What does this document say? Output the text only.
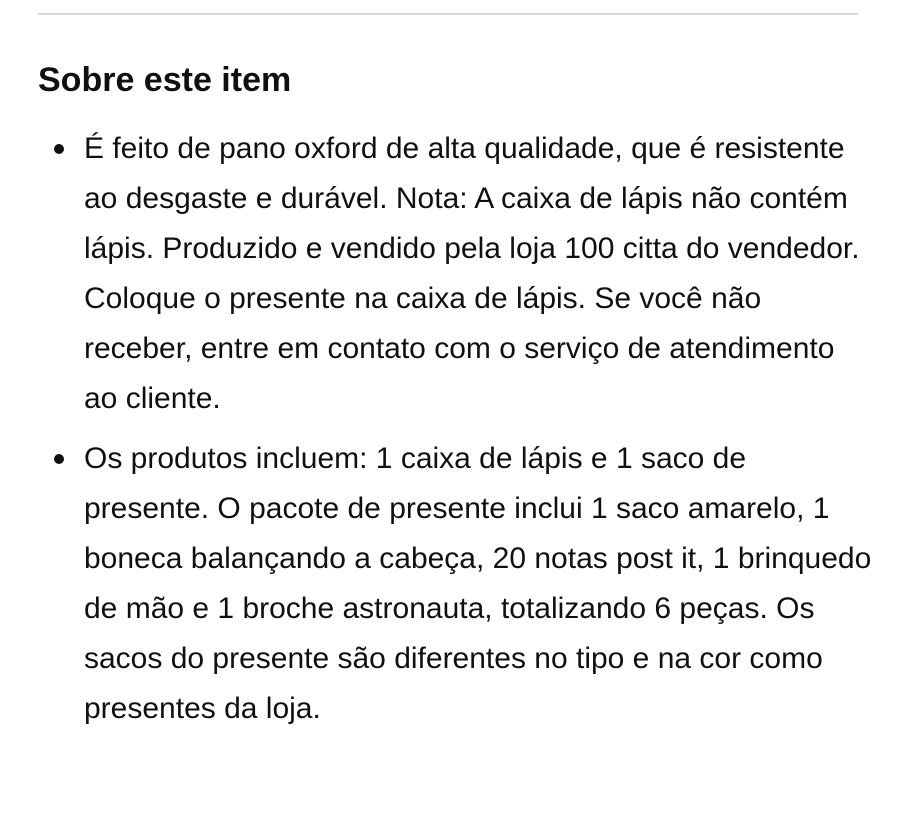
Sobre este item
É feito de pano oxford de alta qualidade, que é resistente ao desgaste e durável. Nota: A caixa de lápis não contém lápis. Produzido e vendido pela loja 100 citta do vendedor. Coloque o presente na caixa de lápis. Se você não receber, entre em contato com o serviço de atendimento ao cliente.
Os produtos incluem: 1 caixa de lápis e 1 saco de presente. O pacote de presente inclui 1 saco amarelo, 1 boneca balançando a cabeça, 20 notas post it, 1 brinquedo de mão e 1 broche astronauta, totalizando 6 peças. Os sacos do presente são diferentes no tipo e na cor como presentes da loja.
